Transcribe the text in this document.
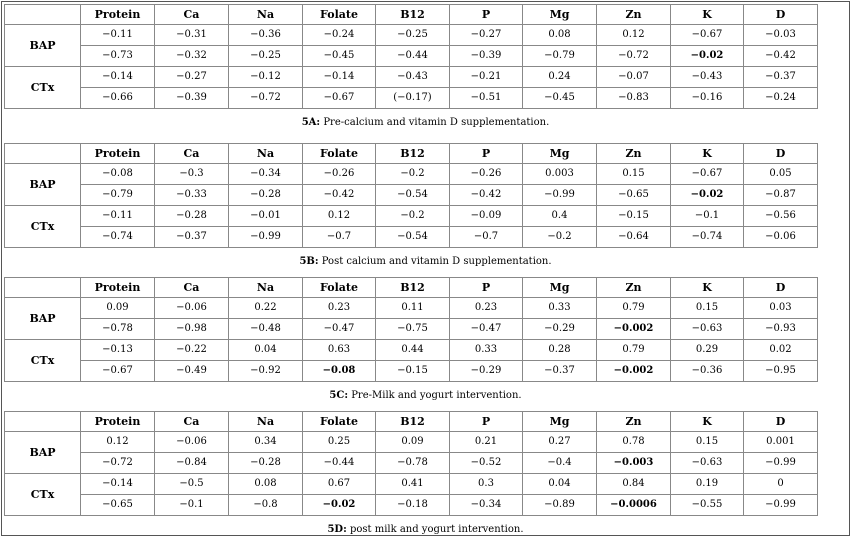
	Protein	Ca	Na	Folate	B12	P	Mg	Zn	K	D
BAP	−0.11	−0.31	−0.36	−0.24	−0.25	−0.27	0.08	0.12	−0.67	−0.03
	−0.73	−0.32	−0.25	−0.45	−0.44	−0.39	−0.79	−0.72	−0.02	−0.42
CTx	−0.14	−0.27	−0.12	−0.14	−0.43	−0.21	0.24	−0.07	−0.43	−0.37
	−0.66	−0.39	−0.72	−0.67	(−0.17)	−0.51	−0.45	−0.83	−0.16	−0.24
5A: Pre-calcium and vitamin D supplementation.
	Protein	Ca	Na	Folate	B12	P	Mg	Zn	K	D
BAP	−0.08	−0.3	−0.34	−0.26	−0.2	−0.26	0.003	0.15	−0.67	0.05
	−0.79	−0.33	−0.28	−0.42	−0.54	−0.42	−0.99	−0.65	−0.02	−0.87
CTx	−0.11	−0.28	−0.01	0.12	−0.2	−0.09	0.4	−0.15	−0.1	−0.56
	−0.74	−0.37	−0.99	−0.7	−0.54	−0.7	−0.2	−0.64	−0.74	−0.06
5B: Post calcium and vitamin D supplementation.
	Protein	Ca	Na	Folate	B12	P	Mg	Zn	K	D
BAP	0.09	−0.06	0.22	0.23	0.11	0.23	0.33	0.79	0.15	0.03
	−0.78	−0.98	−0.48	−0.47	−0.75	−0.47	−0.29	−0.002	−0.63	−0.93
CTx	−0.13	−0.22	0.04	0.63	0.44	0.33	0.28	0.79	0.29	0.02
	−0.67	−0.49	−0.92	−0.08	−0.15	−0.29	−0.37	−0.002	−0.36	−0.95
5C: Pre-Milk and yogurt intervention.
	Protein	Ca	Na	Folate	B12	P	Mg	Zn	K	D
BAP	0.12	−0.06	0.34	0.25	0.09	0.21	0.27	0.78	0.15	0.001
	−0.72	−0.84	−0.28	−0.44	−0.78	−0.52	−0.4	−0.003	−0.63	−0.99
CTx	−0.14	−0.5	0.08	0.67	0.41	0.3	0.04	0.84	0.19	0
	−0.65	−0.1	−0.8	−0.02	−0.18	−0.34	−0.89	−0.0006	−0.55	−0.99
5D: post milk and yogurt intervention.
